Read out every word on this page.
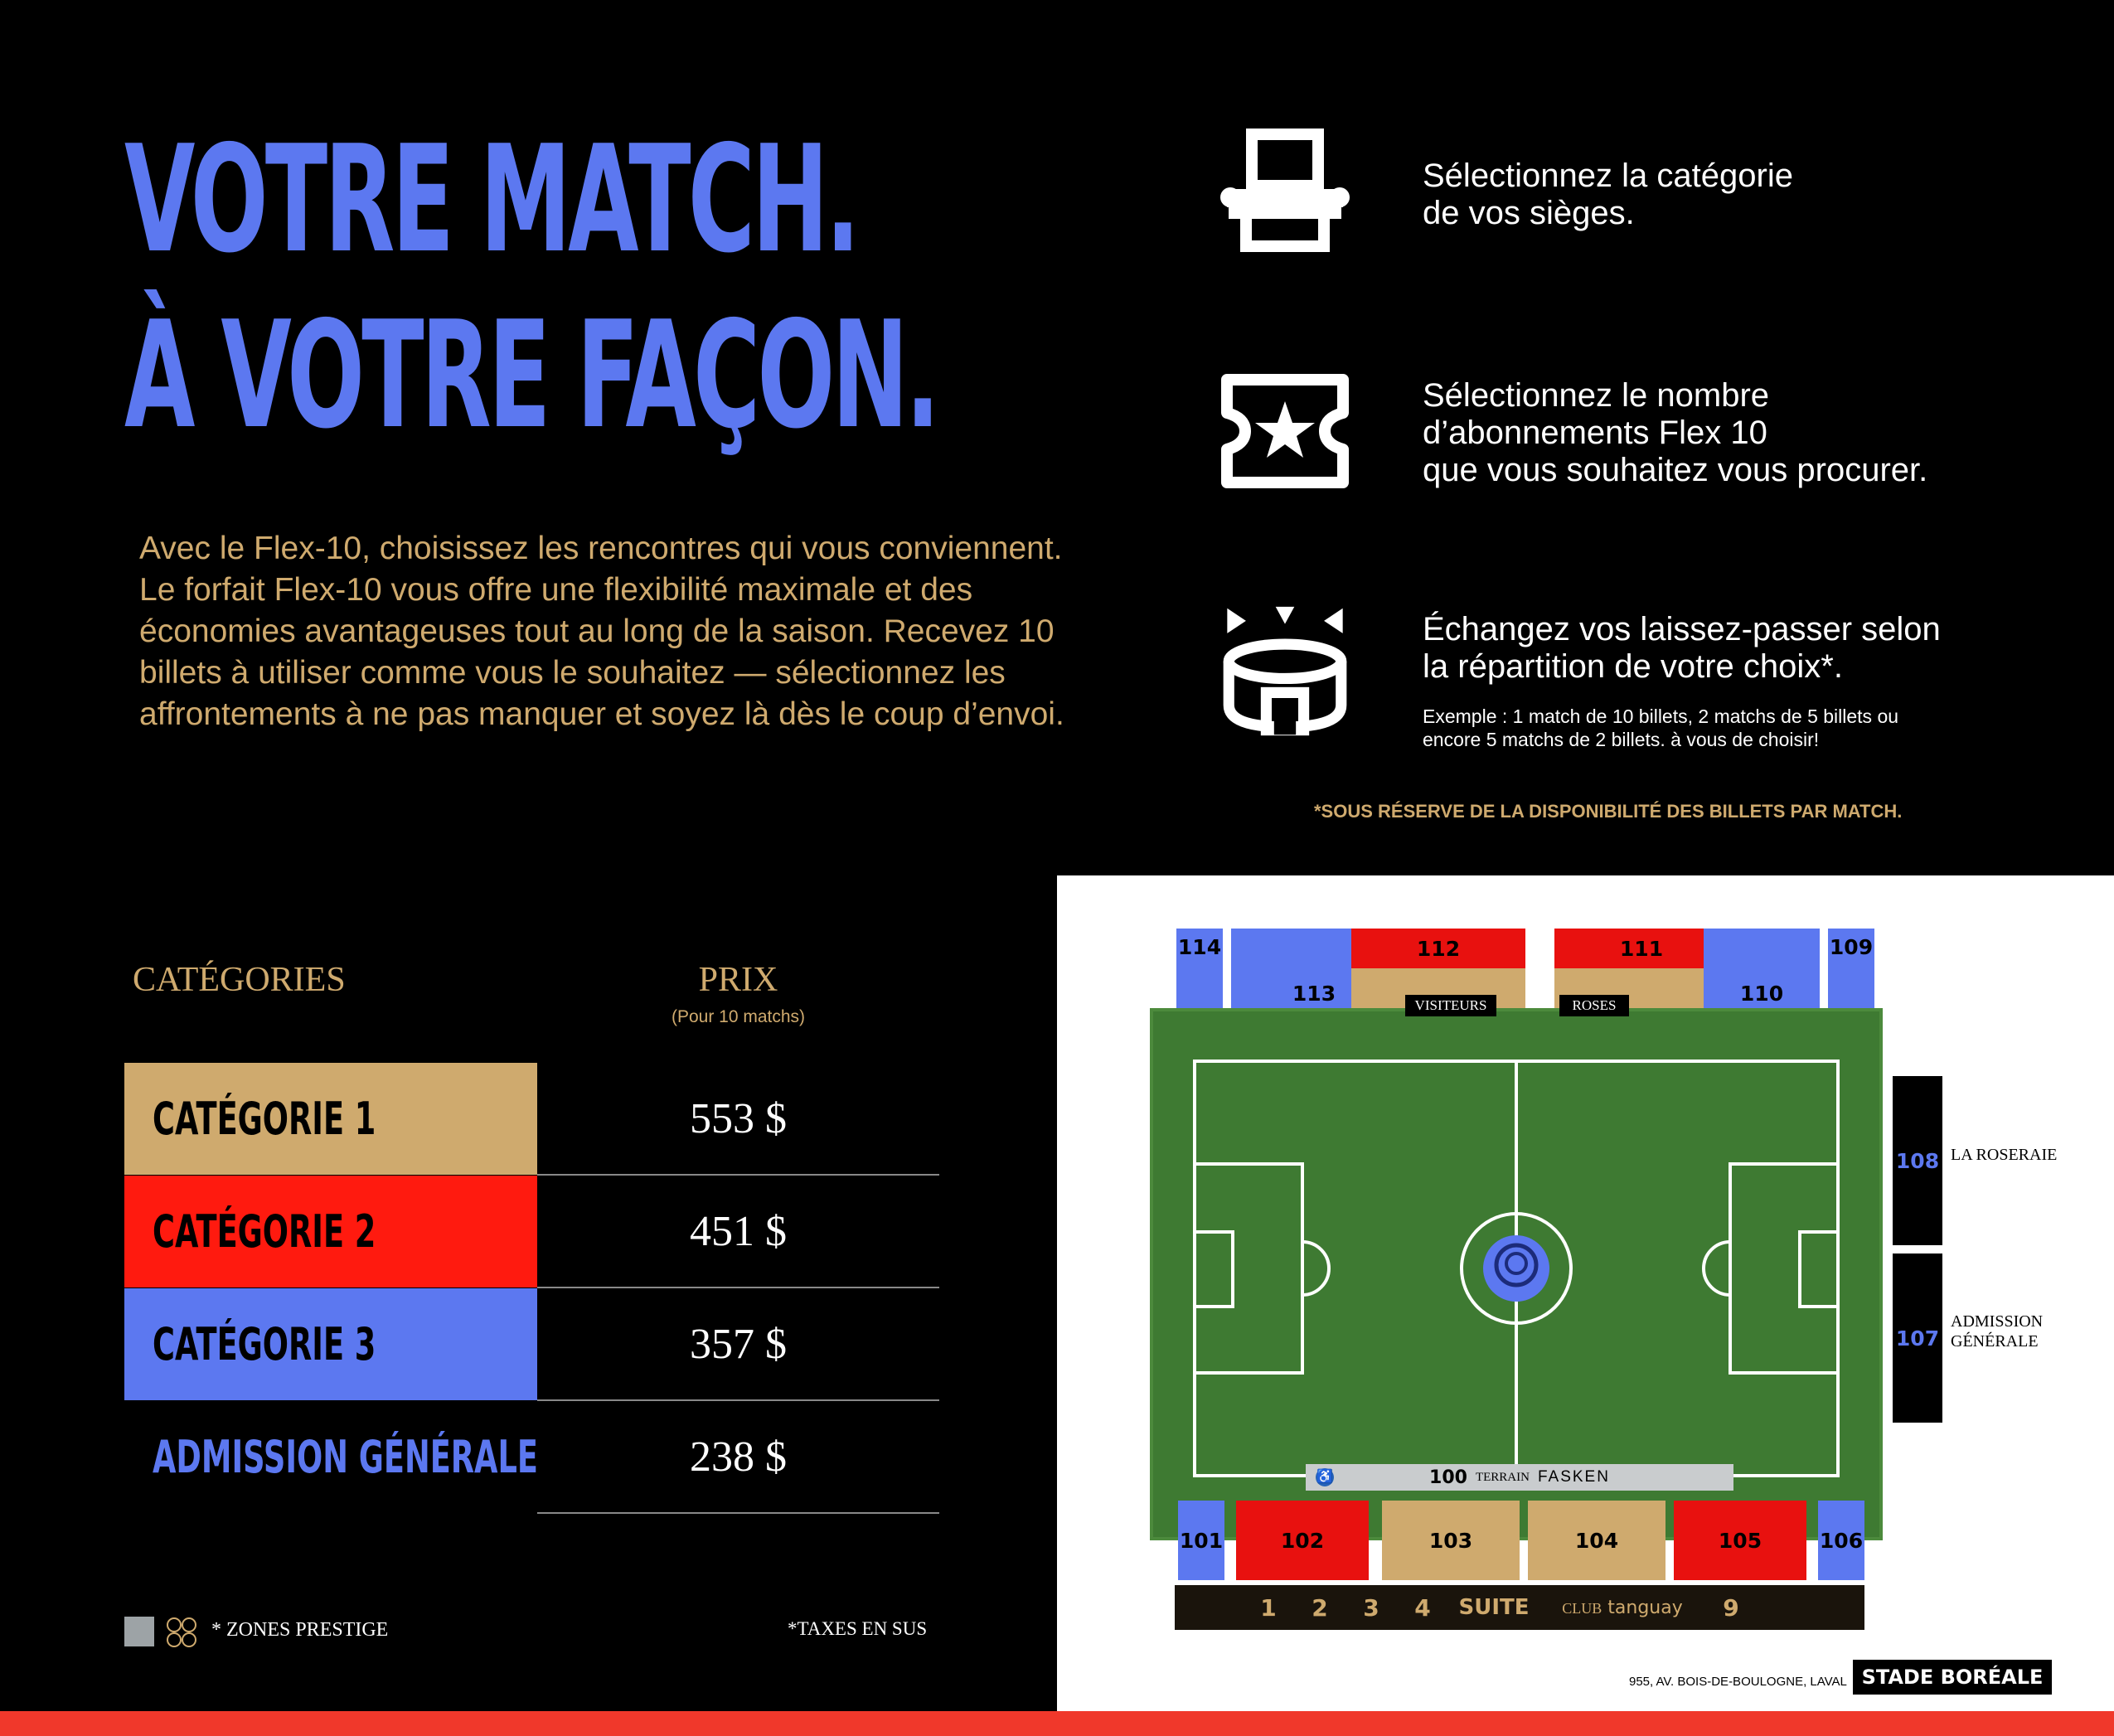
VOTRE MATCH.
À VOTRE FAÇON.
Avec le Flex-10, choisissez les rencontres qui vous conviennent. Le forfait Flex-10 vous offre une flexibilité maximale et des économies avantageuses tout au long de la saison. Recevez 10 billets à utiliser comme vous le souhaitez — sélectionnez les affrontements à ne pas manquer et soyez là dès le coup d’envoi.
Sélectionnez la catégorie
de vos sièges.
Sélectionnez le nombre
d’abonnements Flex 10
que vous souhaitez vous procurer.
Échangez vos laissez-passer selon
la répartition de votre choix*.
Exemple : 1 match de 10 billets, 2 matchs de 5 billets ou
encore 5 matchs de 2 billets. à vous de choisir!
*SOUS RÉSERVE DE LA DISPONIBILITÉ DES BILLETS PAR MATCH.
CATÉGORIES	PRIX
(Pour 10 matchs)
CATÉGORIE 1	553 $
CATÉGORIE 2	451 $
CATÉGORIE 3	357 $
ADMISSION GÉNÉRALE	238 $
* ZONES PRESTIGE	*TAXES EN SUS
114
113
112	111
110
109
VISITEURS	ROSES
108 LA ROSERAIE
107
ADMISSION GÉNÉRALE
♿	100 TERRAIN FASKEN
101	102	103	104	105	106
1	2	3	4	SUITE	CLUB tanguay	9
955, AV. BOIS-DE-BOULOGNE, LAVAL STADE BORÉALE
